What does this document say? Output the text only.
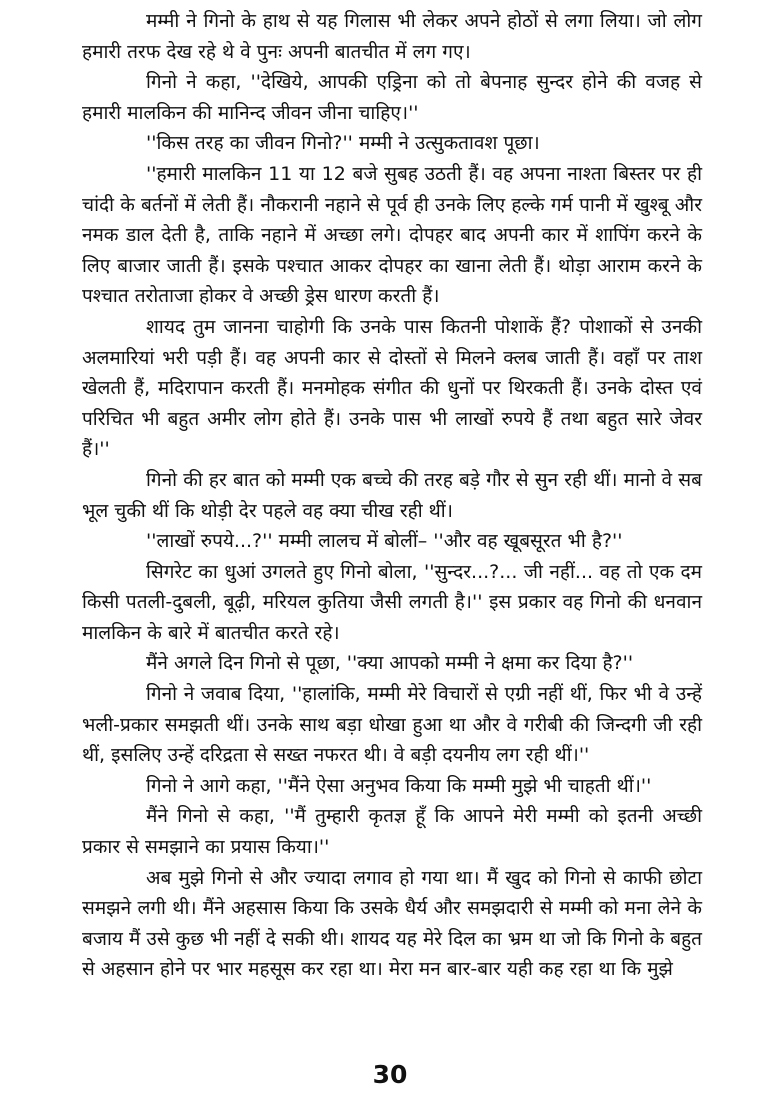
मम्मी ने गिनो के हाथ से यह गिलास भी लेकर अपने होठों से लगा लिया। जो लोग हमारी तरफ देख रहे थे वे पुनः अपनी बातचीत में लग गए।

गिनो ने कहा, ''देखिये, आपकी एड्रिना को तो बेपनाह सुन्दर होने की वजह से हमारी मालकिन की मानिन्द जीवन जीना चाहिए।''

''किस तरह का जीवन गिनो?'' मम्मी ने उत्सुकतावश पूछा।

''हमारी मालकिन 11 या 12 बजे सुबह उठती हैं। वह अपना नाश्ता बिस्तर पर ही चांदी के बर्तनों में लेती हैं। नौकरानी नहाने से पूर्व ही उनके लिए हल्के गर्म पानी में खुश्बू और नमक डाल देती है, ताकि नहाने में अच्छा लगे। दोपहर बाद अपनी कार में शापिंग करने के लिए बाजार जाती हैं। इसके पश्चात आकर दोपहर का खाना लेती हैं। थोड़ा आराम करने के पश्चात तरोताजा होकर वे अच्छी ड्रेस धारण करती हैं।

शायद तुम जानना चाहोगी कि उनके पास कितनी पोशाकें हैं? पोशाकों से उनकी अलमारियां भरी पड़ी हैं। वह अपनी कार से दोस्तों से मिलने क्लब जाती हैं। वहाँ पर ताश खेलती हैं, मदिरापान करती हैं। मनमोहक संगीत की धुनों पर थिरकती हैं। उनके दोस्त एवं परिचित भी बहुत अमीर लोग होते हैं। उनके पास भी लाखों रुपये हैं तथा बहुत सारे जेवर हैं।''

गिनो की हर बात को मम्मी एक बच्चे की तरह बड़े गौर से सुन रही थीं। मानो वे सब भूल चुकी थीं कि थोड़ी देर पहले वह क्या चीख रही थीं।

''लाखों रुपये...?'' मम्मी लालच में बोलीं– ''और वह खूबसूरत भी है?''

सिगरेट का धुआं उगलते हुए गिनो बोला, ''सुन्दर...?... जी नहीं... वह तो एक दम किसी पतली-दुबली, बूढ़ी, मरियल कुतिया जैसी लगती है।'' इस प्रकार वह गिनो की धनवान मालकिन के बारे में बातचीत करते रहे।

मैंने अगले दिन गिनो से पूछा, ''क्या आपको मम्मी ने क्षमा कर दिया है?''

गिनो ने जवाब दिया, ''हालांकि, मम्मी मेरे विचारों से एग्री नहीं थीं, फिर भी वे उन्हें भली-प्रकार समझती थीं। उनके साथ बड़ा धोखा हुआ था और वे गरीबी की जिन्दगी जी रही थीं, इसलिए उन्हें दरिद्रता से सख्त नफरत थी। वे बड़ी दयनीय लग रही थीं।''

गिनो ने आगे कहा, ''मैंने ऐसा अनुभव किया कि मम्मी मुझे भी चाहती थीं।''

मैंने गिनो से कहा, ''मैं तुम्हारी कृतज्ञ हूँ कि आपने मेरी मम्मी को इतनी अच्छी प्रकार से समझाने का प्रयास किया।''

अब मुझे गिनो से और ज्यादा लगाव हो गया था। मैं खुद को गिनो से काफी छोटा समझने लगी थी। मैंने अहसास किया कि उसके धैर्य और समझदारी से मम्मी को मना लेने के बजाय मैं उसे कुछ भी नहीं दे सकी थी। शायद यह मेरे दिल का भ्रम था जो कि गिनो के बहुत से अहसान होने पर भार महसूस कर रहा था। मेरा मन बार-बार यही कह रहा था कि मुझे

30
